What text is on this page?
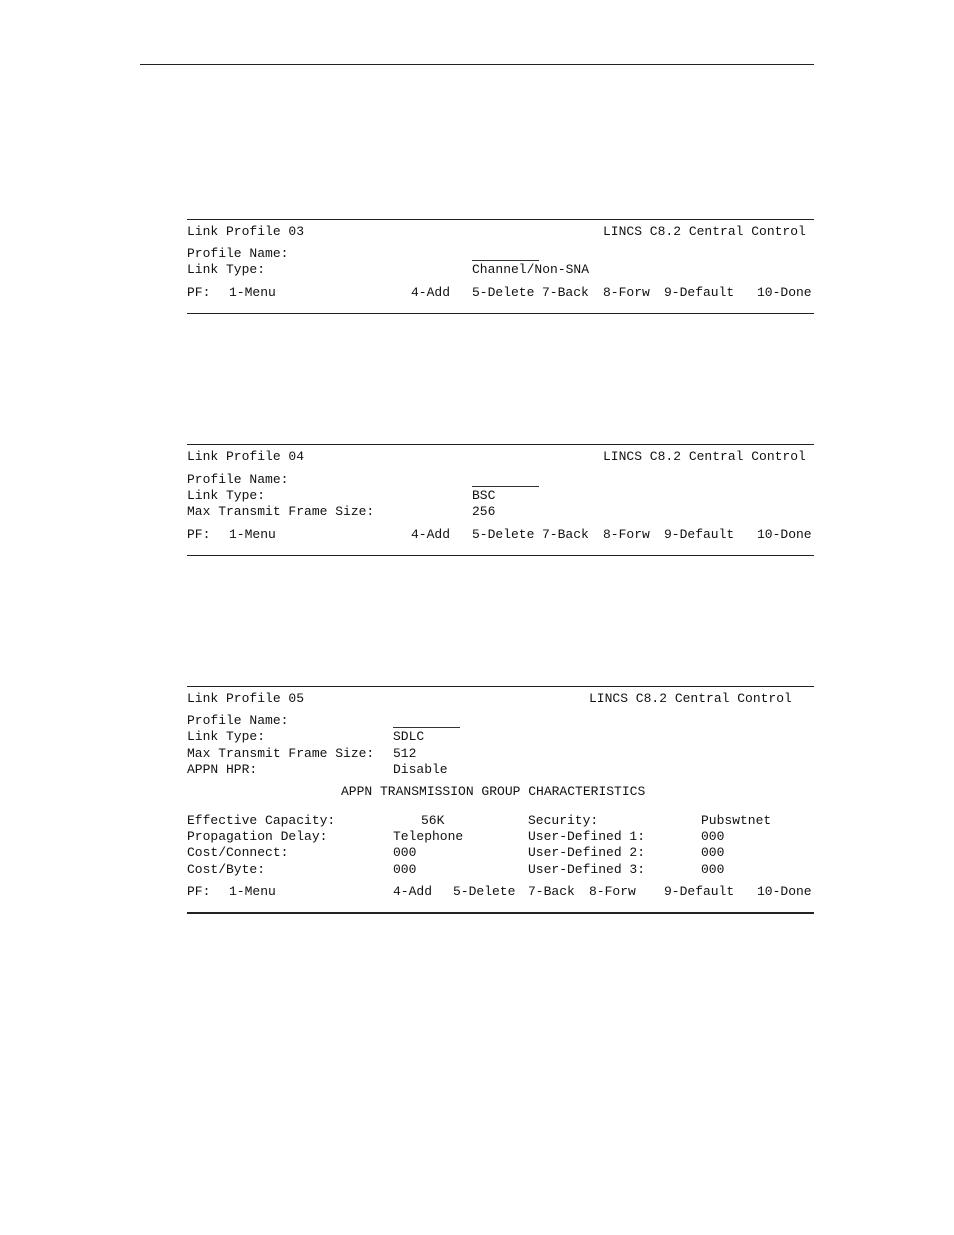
Link Profile 03	LINCS C8.2 Central Control
Profile Name:
Link Type:	Channel/Non-SNA
PF: 1-Menu	4-Add 5-Delete 7-Back 8-Forw 9-Default 10-Done
Link Profile 04	LINCS C8.2 Central Control
Profile Name:
Link Type:	BSC
Max Transmit Frame Size:	256
PF: 1-Menu	4-Add 5-Delete 7-Back 8-Forw 9-Default 10-Done
Link Profile 05	LINCS C8.2 Central Control
Profile Name:
Link Type:	SDLC
Max Transmit Frame Size: 512
APPN HPR:	Disable
APPN TRANSMISSION GROUP CHARACTERISTICS
Effective Capacity:	56K	Security:	Pubswtnet
Propagation Delay:	Telephone	User-Defined 1:	000
Cost/Connect:	000	User-Defined 2:	000
Cost/Byte:	000	User-Defined 3:	000
PF: 1-Menu	4-Add 5-Delete 7-Back 8-Forw 9-Default 10-Done
